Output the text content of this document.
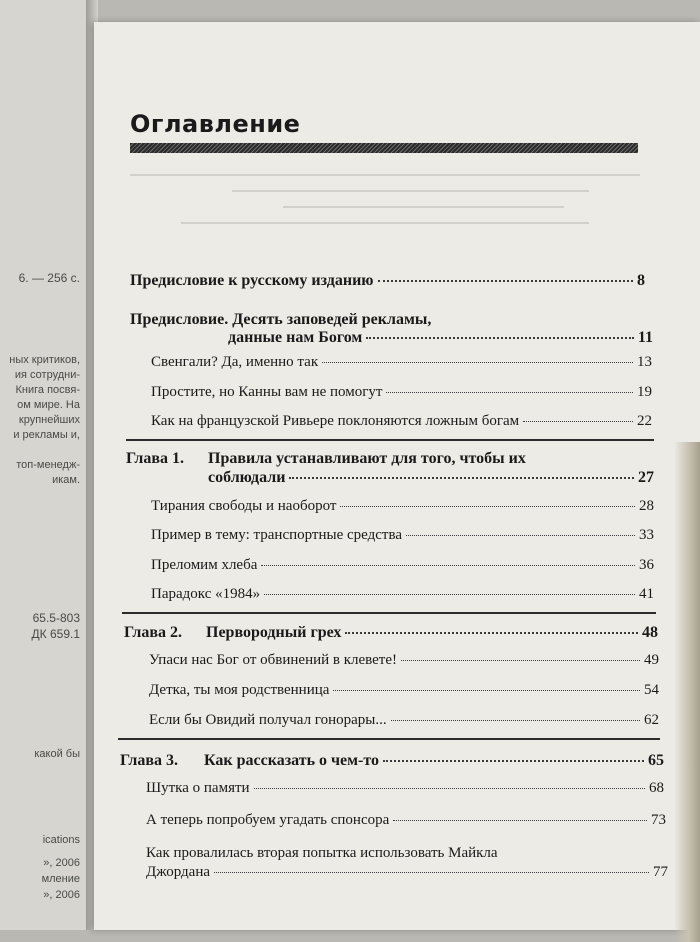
6. — 256 с.
ных критиков,
ия сотрудни-
Книга посвя-
ом мире. На
крупнейших
и рекламы и,
топ-менедж-
икам.
65.5-803
ДК 659.1
какой бы
ications
», 2006
мление
», 2006
Оглавление
Предисловие к русскому изданию	8
Предисловие. Десять заповедей рекламы,
данные нам Богом	11
Свенгали? Да, именно так	13
Простите, но Канны вам не помогут	19
Как на французской Ривьере поклоняются ложным богам	22
Глава 1. Правила устанавливают для того, чтобы их
соблюдали	27
Тирания свободы и наоборот	28
Пример в тему: транспортные средства	33
Преломим хлеба	36
Парадокс «1984»	41
Глава 2. Первородный грех	48
Упаси нас Бог от обвинений в клевете!	49
Детка, ты моя родственница	54
Если бы Овидий получал гонорары...	62
Глава 3. Как рассказать о чем-то	65
Шутка о памяти	68
А теперь попробуем угадать спонсора	73
Как провалилась вторая попытка использовать Майкла
Джордана	77
